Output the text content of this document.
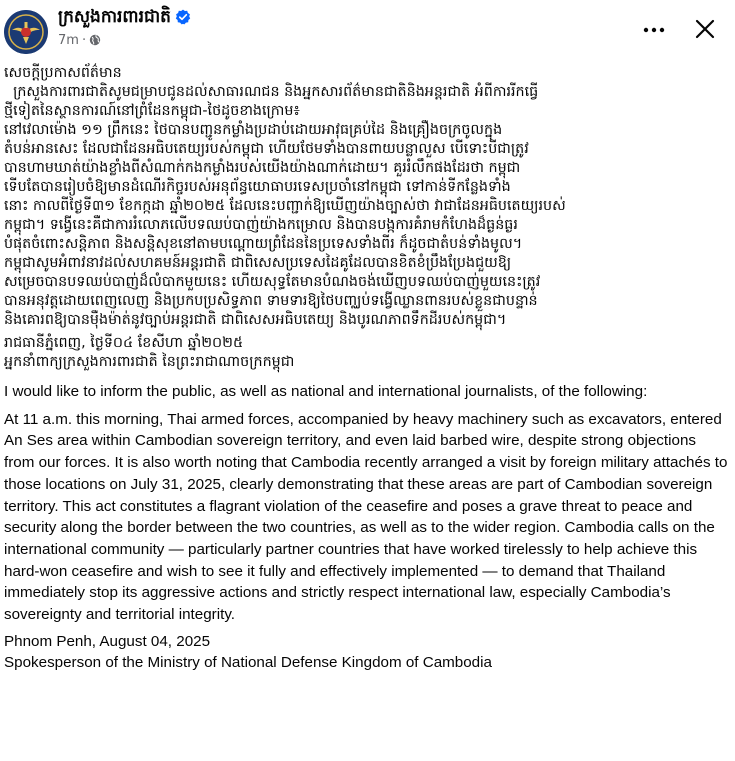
ក្រសួងការពារជាតិ
7m ·

សេចក្តីប្រកាសព័ត៌មាន

ក្រសួងការពារជាតិសូមជម្រាបជូនដល់សាធារណជន និងអ្នកសារព័ត៌មានជាតិនិងអន្តរជាតិ អំពីការរីកធ្វើ

ថ្មីទៀតនៃស្ថានការណ៍នៅព្រំដែនកម្ពុជា-ថៃដូចខាងក្រោម៖

នៅវេលាម៉ោង ១១ ព្រឹកនេះ ថៃបានបញ្ជូនកម្លាំងប្រដាប់ដោយអាវុធគ្រប់ដៃ និងគ្រឿងចក្រចូលក្នុង

តំបន់អានសេះ ដែលជាដែនអធិបតេយ្យរបស់កម្ពុជា ហើយថែមទាំងបានពាយបន្លាលួស បើទោះបីជាត្រូវ

បានហាមឃាត់យ៉ាងខ្លាំងពីសំណាក់កងកម្លាំងរបស់យើងយ៉ាងណាក់ដោយ។ គួររំលឹកផងដែរថា កម្ពុជា

ទើបតែបានរៀបចំឱ្យមានដំណើរកិច្ចរបស់អនុព័ន្ធយោធាបរទេសប្រចាំនៅកម្ពុជា ទៅកាន់ទីកន្លែងទាំង

នោះ កាលពីថ្ងៃទី៣១ ខែកក្កដា ឆ្នាំ២០២៥ ដែលនេះបញ្ជាក់ឱ្យឃើញយ៉ាងច្បាស់ថា វាជាដែនអធិបតេយ្យរបស់

កម្ពុជា។ ទង្វើនេះគឺជាការរំលោភលើបទឈប់បាញ់យ៉ាងកម្រោល និងបានបង្កការគំរាមកំហែងដ៏ធ្ងន់ធ្ងរ

បំផុតចំពោះសន្តិភាព និងសន្តិសុខនៅតាមបណ្តោយព្រំដែននៃប្រទេសទាំងពីរ ក៏ដូចជាតំបន់ទាំងមូល។

កម្ពុជាសូមអំពាវនាវដល់សហគមន៍អន្តរជាតិ ជាពិសេសប្រទេសដៃគូដែលបានខិតខំប្រឹងប្រែងជួយឱ្យ

សម្រេចបានបទឈប់បាញ់ដ៏លំបាកមួយនេះ ហើយសុទ្ធតែមានបំណងចង់ឃើញបទឈប់បាញ់មួយនេះត្រូវ

បានអនុវត្តដោយពេញលេញ និងប្រកបប្រសិទ្ធភាព ទាមទារឱ្យថៃបញ្ឈប់ទង្វើឈ្លានពានរបស់ខ្លួនជាបន្ទាន់

និងគោរពឱ្យបានម៉ឺងម៉ាត់នូវច្បាប់អន្តរជាតិ ជាពិសេសអធិបតេយ្យ និងបូរណភាពទឹកដីរបស់កម្ពុជា។

រាជធានីភ្នំពេញ, ថ្ងៃទី០៤ ខែសីហា ឆ្នាំ២០២៥

អ្នកនាំពាក្យក្រសួងការពារជាតិ នៃព្រះរាជាណាចក្រកម្ពុជា

I would like to inform the public, as well as national and international journalists, of the following:

At 11 a.m. this morning, Thai armed forces, accompanied by heavy machinery such as excavators, entered An Ses area within Cambodian sovereign territory, and even laid barbed wire, despite strong objections from our forces. It is also worth noting that Cambodia recently arranged a visit by foreign military attachés to those locations on July 31, 2025, clearly demonstrating that these areas are part of Cambodian sovereign territory. This act constitutes a flagrant violation of the ceasefire and poses a grave threat to peace and security along the border between the two countries, as well as to the wider region. Cambodia calls on the international community — particularly partner countries that have worked tirelessly to help achieve this hard-won ceasefire and wish to see it fully and effectively implemented — to demand that Thailand immediately stop its aggressive actions and strictly respect international law, especially Cambodia’s sovereignty and territorial integrity.

Phnom Penh, August 04, 2025

Spokesperson of the Ministry of National Defense Kingdom of Cambodia
